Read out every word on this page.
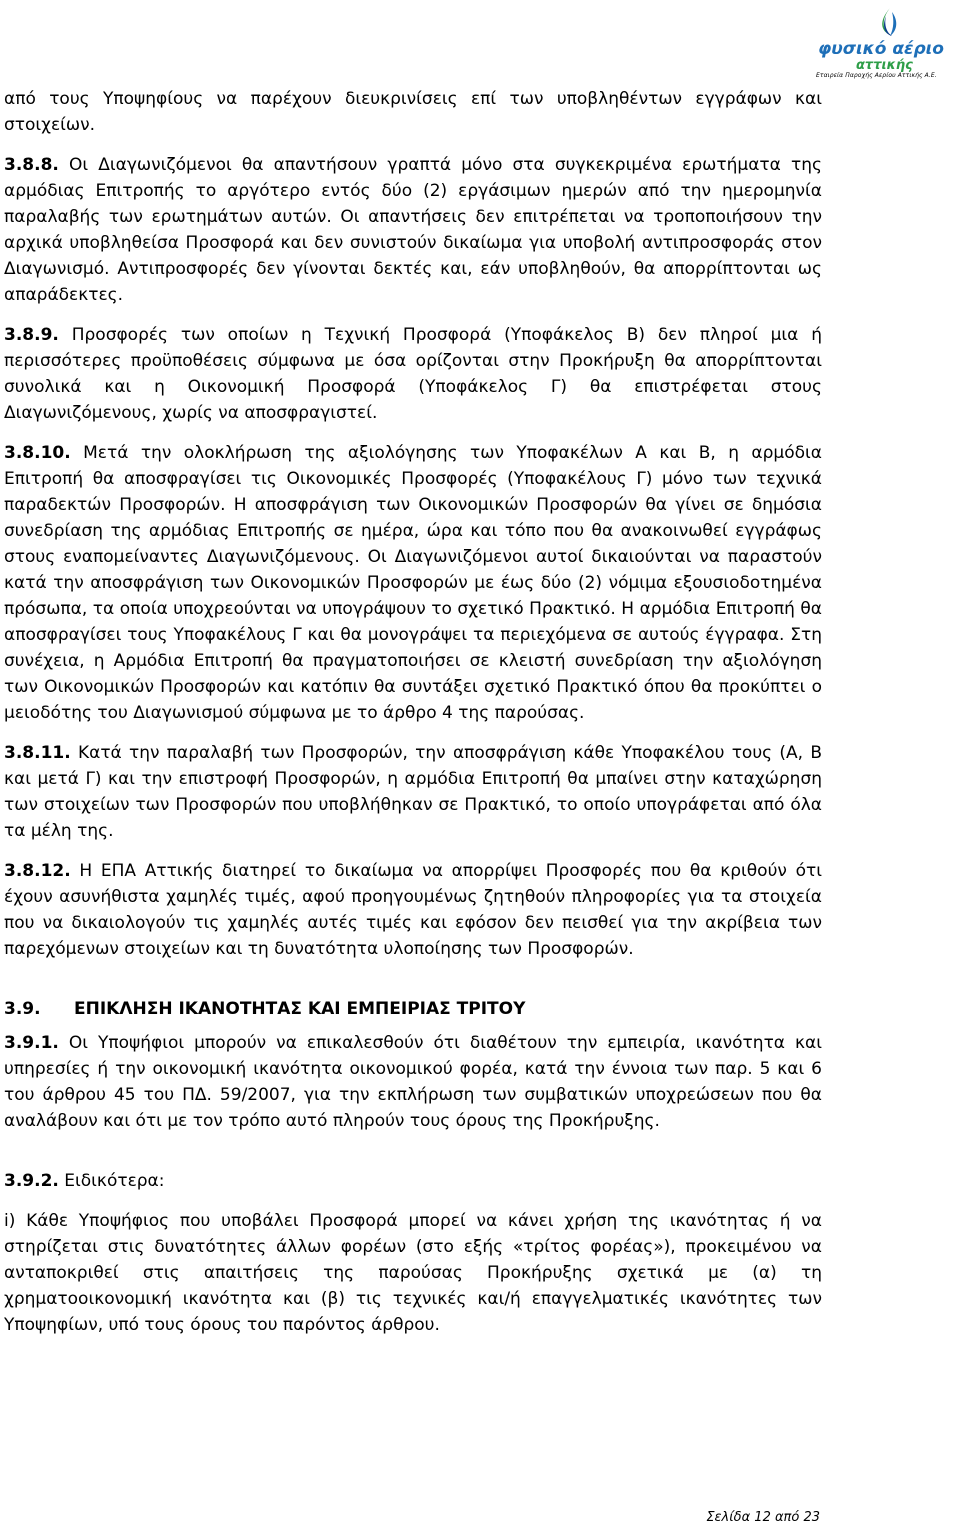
φυσικό αέριο
αττικής
Εταιρεία Παροχής Αερίου Αττικής Α.Ε.

από τους Υποψηφίους να παρέχουν διευκρινίσεις επί των υποβληθέντων εγγράφων και στοιχείων.

3.8.8. Οι Διαγωνιζόμενοι θα απαντήσουν γραπτά μόνο στα συγκεκριμένα ερωτήματα της αρμόδιας Επιτροπής το αργότερο εντός δύο (2) εργάσιμων ημερών από την ημερομηνία παραλαβής των ερωτημάτων αυτών. Οι απαντήσεις δεν επιτρέπεται να τροποποιήσουν την αρχικά υποβληθείσα Προσφορά και δεν συνιστούν δικαίωμα για υποβολή αντιπροσφοράς στον Διαγωνισμό. Αντιπροσφορές δεν γίνονται δεκτές και, εάν υποβληθούν, θα απορρίπτονται ως απαράδεκτες.

3.8.9. Προσφορές των οποίων η Τεχνική Προσφορά (Υποφάκελος Β) δεν πληροί μια ή περισσότερες προϋποθέσεις σύμφωνα με όσα ορίζονται στην Προκήρυξη θα απορρίπτονται συνολικά και η Οικονομική Προσφορά (Υποφάκελος Γ) θα επιστρέφεται στους Διαγωνιζόμενους, χωρίς να αποσφραγιστεί.

3.8.10. Μετά την ολοκλήρωση της αξιολόγησης των Υποφακέλων Α και Β, η αρμόδια Επιτροπή θα αποσφραγίσει τις Οικονομικές Προσφορές (Υποφακέλους Γ) μόνο των τεχνικά παραδεκτών Προσφορών. Η αποσφράγιση των Οικονομικών Προσφορών θα γίνει σε δημόσια συνεδρίαση της αρμόδιας Επιτροπής σε ημέρα, ώρα και τόπο που θα ανακοινωθεί εγγράφως στους εναπομείναντες Διαγωνιζόμενους. Οι Διαγωνιζόμενοι αυτοί δικαιούνται να παραστούν κατά την αποσφράγιση των Οικονομικών Προσφορών με έως δύο (2) νόμιμα εξουσιοδοτημένα πρόσωπα, τα οποία υποχρεούνται να υπογράψουν το σχετικό Πρακτικό. Η αρμόδια Επιτροπή θα αποσφραγίσει τους Υποφακέλους Γ και θα μονογράψει τα περιεχόμενα σε αυτούς έγγραφα. Στη συνέχεια, η Αρμόδια Επιτροπή θα πραγματοποιήσει σε κλειστή συνεδρίαση την αξιολόγηση των Οικονομικών Προσφορών και κατόπιν θα συντάξει σχετικό Πρακτικό όπου θα προκύπτει ο μειοδότης του Διαγωνισμού σύμφωνα με το άρθρο 4 της παρούσας.

3.8.11. Κατά την παραλαβή των Προσφορών, την αποσφράγιση κάθε Υποφακέλου τους (Α, Β και μετά Γ) και την επιστροφή Προσφορών, η αρμόδια Επιτροπή θα μπαίνει στην καταχώρηση των στοιχείων των Προσφορών που υποβλήθηκαν σε Πρακτικό, το οποίο υπογράφεται από όλα τα μέλη της.

3.8.12. Η ΕΠΑ Αττικής διατηρεί το δικαίωμα να απορρίψει Προσφορές που θα κριθούν ότι έχουν ασυνήθιστα χαμηλές τιμές, αφού προηγουμένως ζητηθούν πληροφορίες για τα στοιχεία που να δικαιολογούν τις χαμηλές αυτές τιμές και εφόσον δεν πεισθεί για την ακρίβεια των παρεχόμενων στοιχείων και τη δυνατότητα υλοποίησης των Προσφορών.

3.9.	ΕΠΙΚΛΗΣΗ ΙΚΑΝΟΤΗΤΑΣ ΚΑΙ ΕΜΠΕΙΡΙΑΣ ΤΡΙΤΟΥ

3.9.1. Οι Υποψήφιοι μπορούν να επικαλεσθούν ότι διαθέτουν την εμπειρία, ικανότητα και υπηρεσίες ή την οικονομική ικανότητα οικονομικού φορέα, κατά την έννοια των παρ. 5 και 6 του άρθρου 45 του ΠΔ. 59/2007, για την εκπλήρωση των συμβατικών υποχρεώσεων που θα αναλάβουν και ότι με τον τρόπο αυτό πληρούν τους όρους της Προκήρυξης.

3.9.2. Ειδικότερα:

i) Κάθε Υποψήφιος που υποβάλει Προσφορά μπορεί να κάνει χρήση της ικανότητας ή να στηρίζεται στις δυνατότητες άλλων φορέων (στο εξής «τρίτος φορέας»), προκειμένου να ανταποκριθεί στις απαιτήσεις της παρούσας Προκήρυξης σχετικά με (α) τη χρηματοοικονομική ικανότητα και (β) τις τεχνικές και/ή επαγγελματικές ικανότητες των Υποψηφίων, υπό τους όρους του παρόντος άρθρου.

Σελίδα 12 από 23
